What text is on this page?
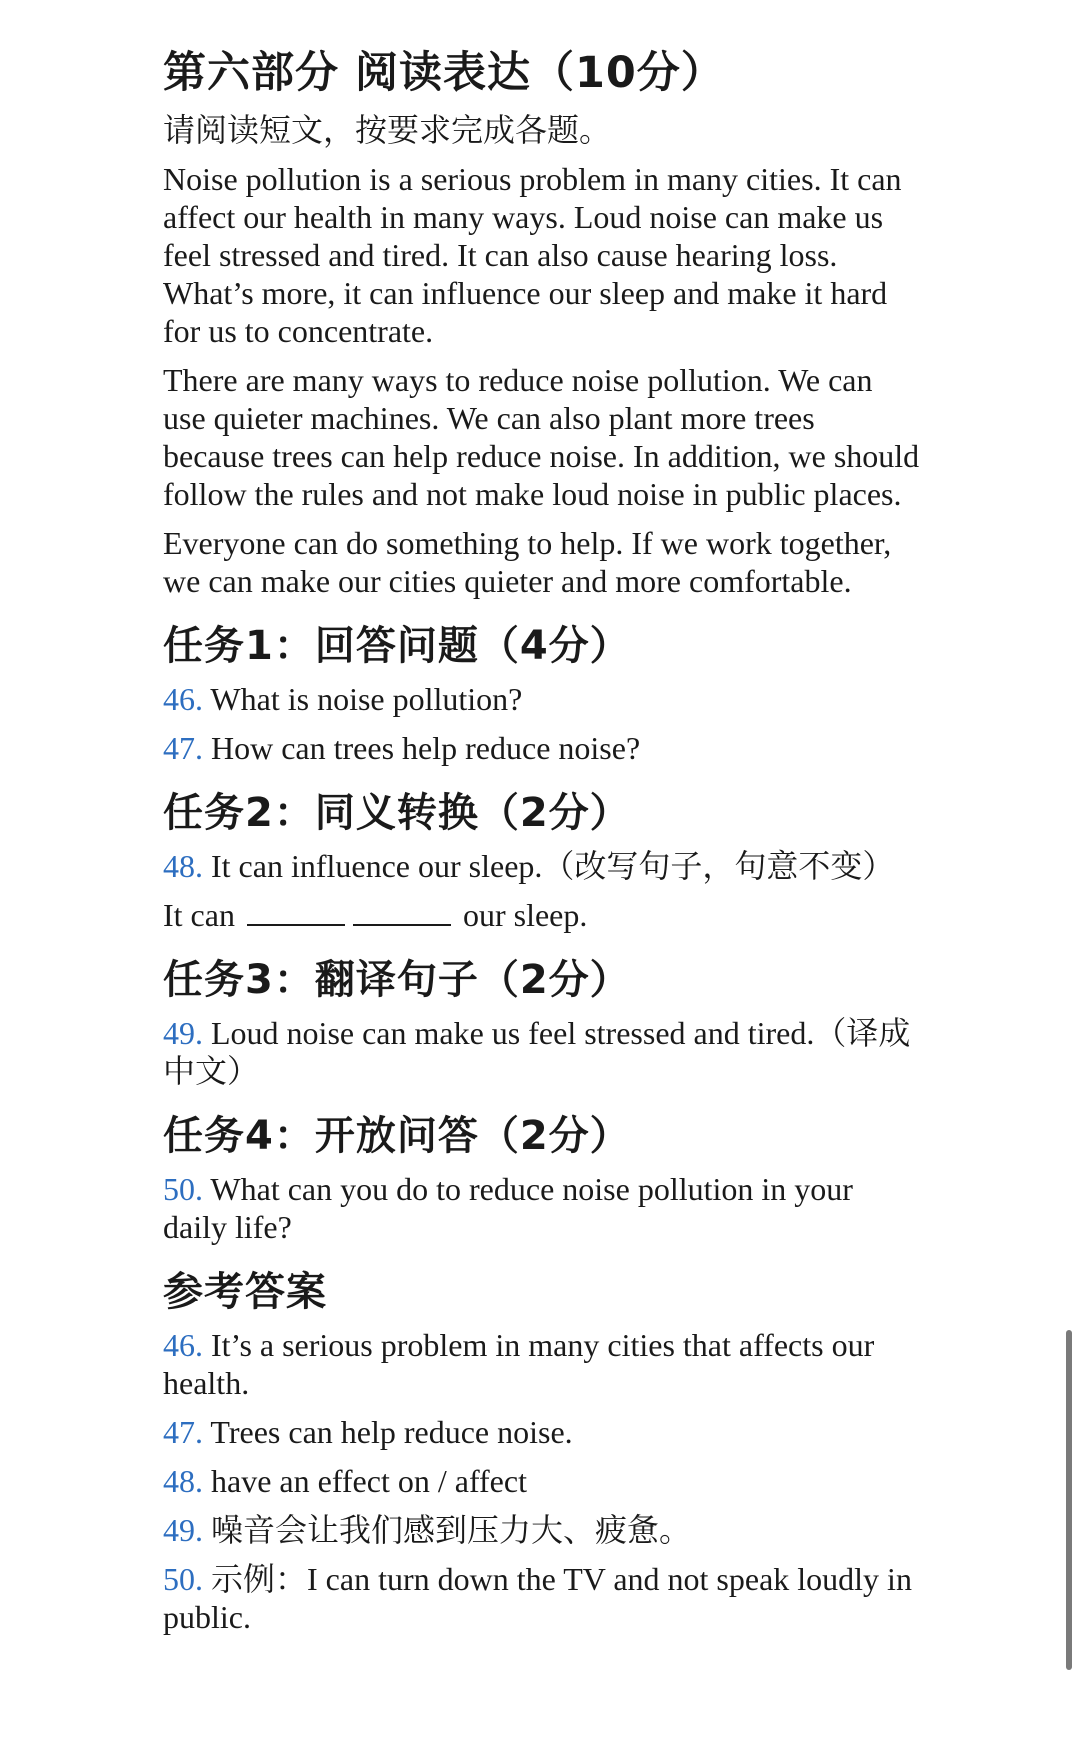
第六部分 阅读表达（10分）

请阅读短文，按要求完成各题。

Noise pollution is a serious problem in many cities. It can affect our health in many ways. Loud noise can make us feel stressed and tired. It can also cause hearing loss. What’s more, it can influence our sleep and make it hard for us to concentrate.

There are many ways to reduce noise pollution. We can use quieter machines. We can also plant more trees because trees can help reduce noise. In addition, we should follow the rules and not make loud noise in public places.

Everyone can do something to help. If we work together, we can make our cities quieter and more comfortable.

任务1：回答问题（4分）

46. What is noise pollution?

47. How can trees help reduce noise?

任务2：同义转换（2分）

48. It can influence our sleep.（改写句子，句意不变）

It can	our sleep.

任务3：翻译句子（2分）

49. Loud noise can make us feel stressed and tired.（译成中文）

任务4：开放问答（2分）

50. What can you do to reduce noise pollution in your daily life?

参考答案

46. It’s a serious problem in many cities that affects our health.

47. Trees can help reduce noise.

48. have an effect on / affect

49. 噪音会让我们感到压力大、疲惫。

50. 示例：I can turn down the TV and not speak loudly in public.
